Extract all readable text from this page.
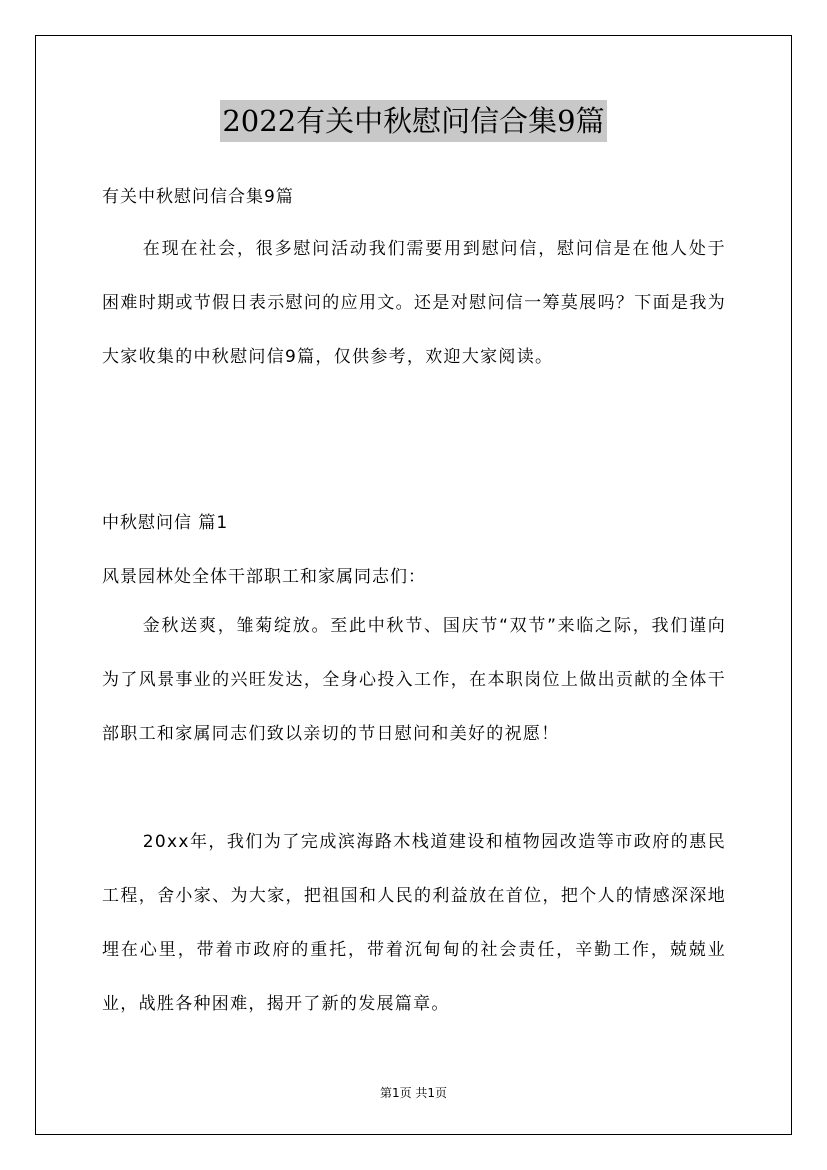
2022有关中秋慰问信合集9篇
有关中秋慰问信合集9篇
在现在社会，很多慰问活动我们需要用到慰问信，慰问信是在他人处于困难时期或节假日表示慰问的应用文。还是对慰问信一筹莫展吗？下面是我为大家收集的中秋慰问信9篇，仅供参考，欢迎大家阅读。
中秋慰问信 篇1
风景园林处全体干部职工和家属同志们：
金秋送爽，雏菊绽放。至此中秋节、国庆节“双节”来临之际，我们谨向为了风景事业的兴旺发达，全身心投入工作，在本职岗位上做出贡献的全体干部职工和家属同志们致以亲切的节日慰问和美好的祝愿！
20xx年，我们为了完成滨海路木栈道建设和植物园改造等市政府的惠民工程，舍小家、为大家，把祖国和人民的利益放在首位，把个人的情感深深地埋在心里，带着市政府的重托，带着沉甸甸的社会责任，辛勤工作，兢兢业业，战胜各种困难，揭开了新的发展篇章。
第1页 共1页
